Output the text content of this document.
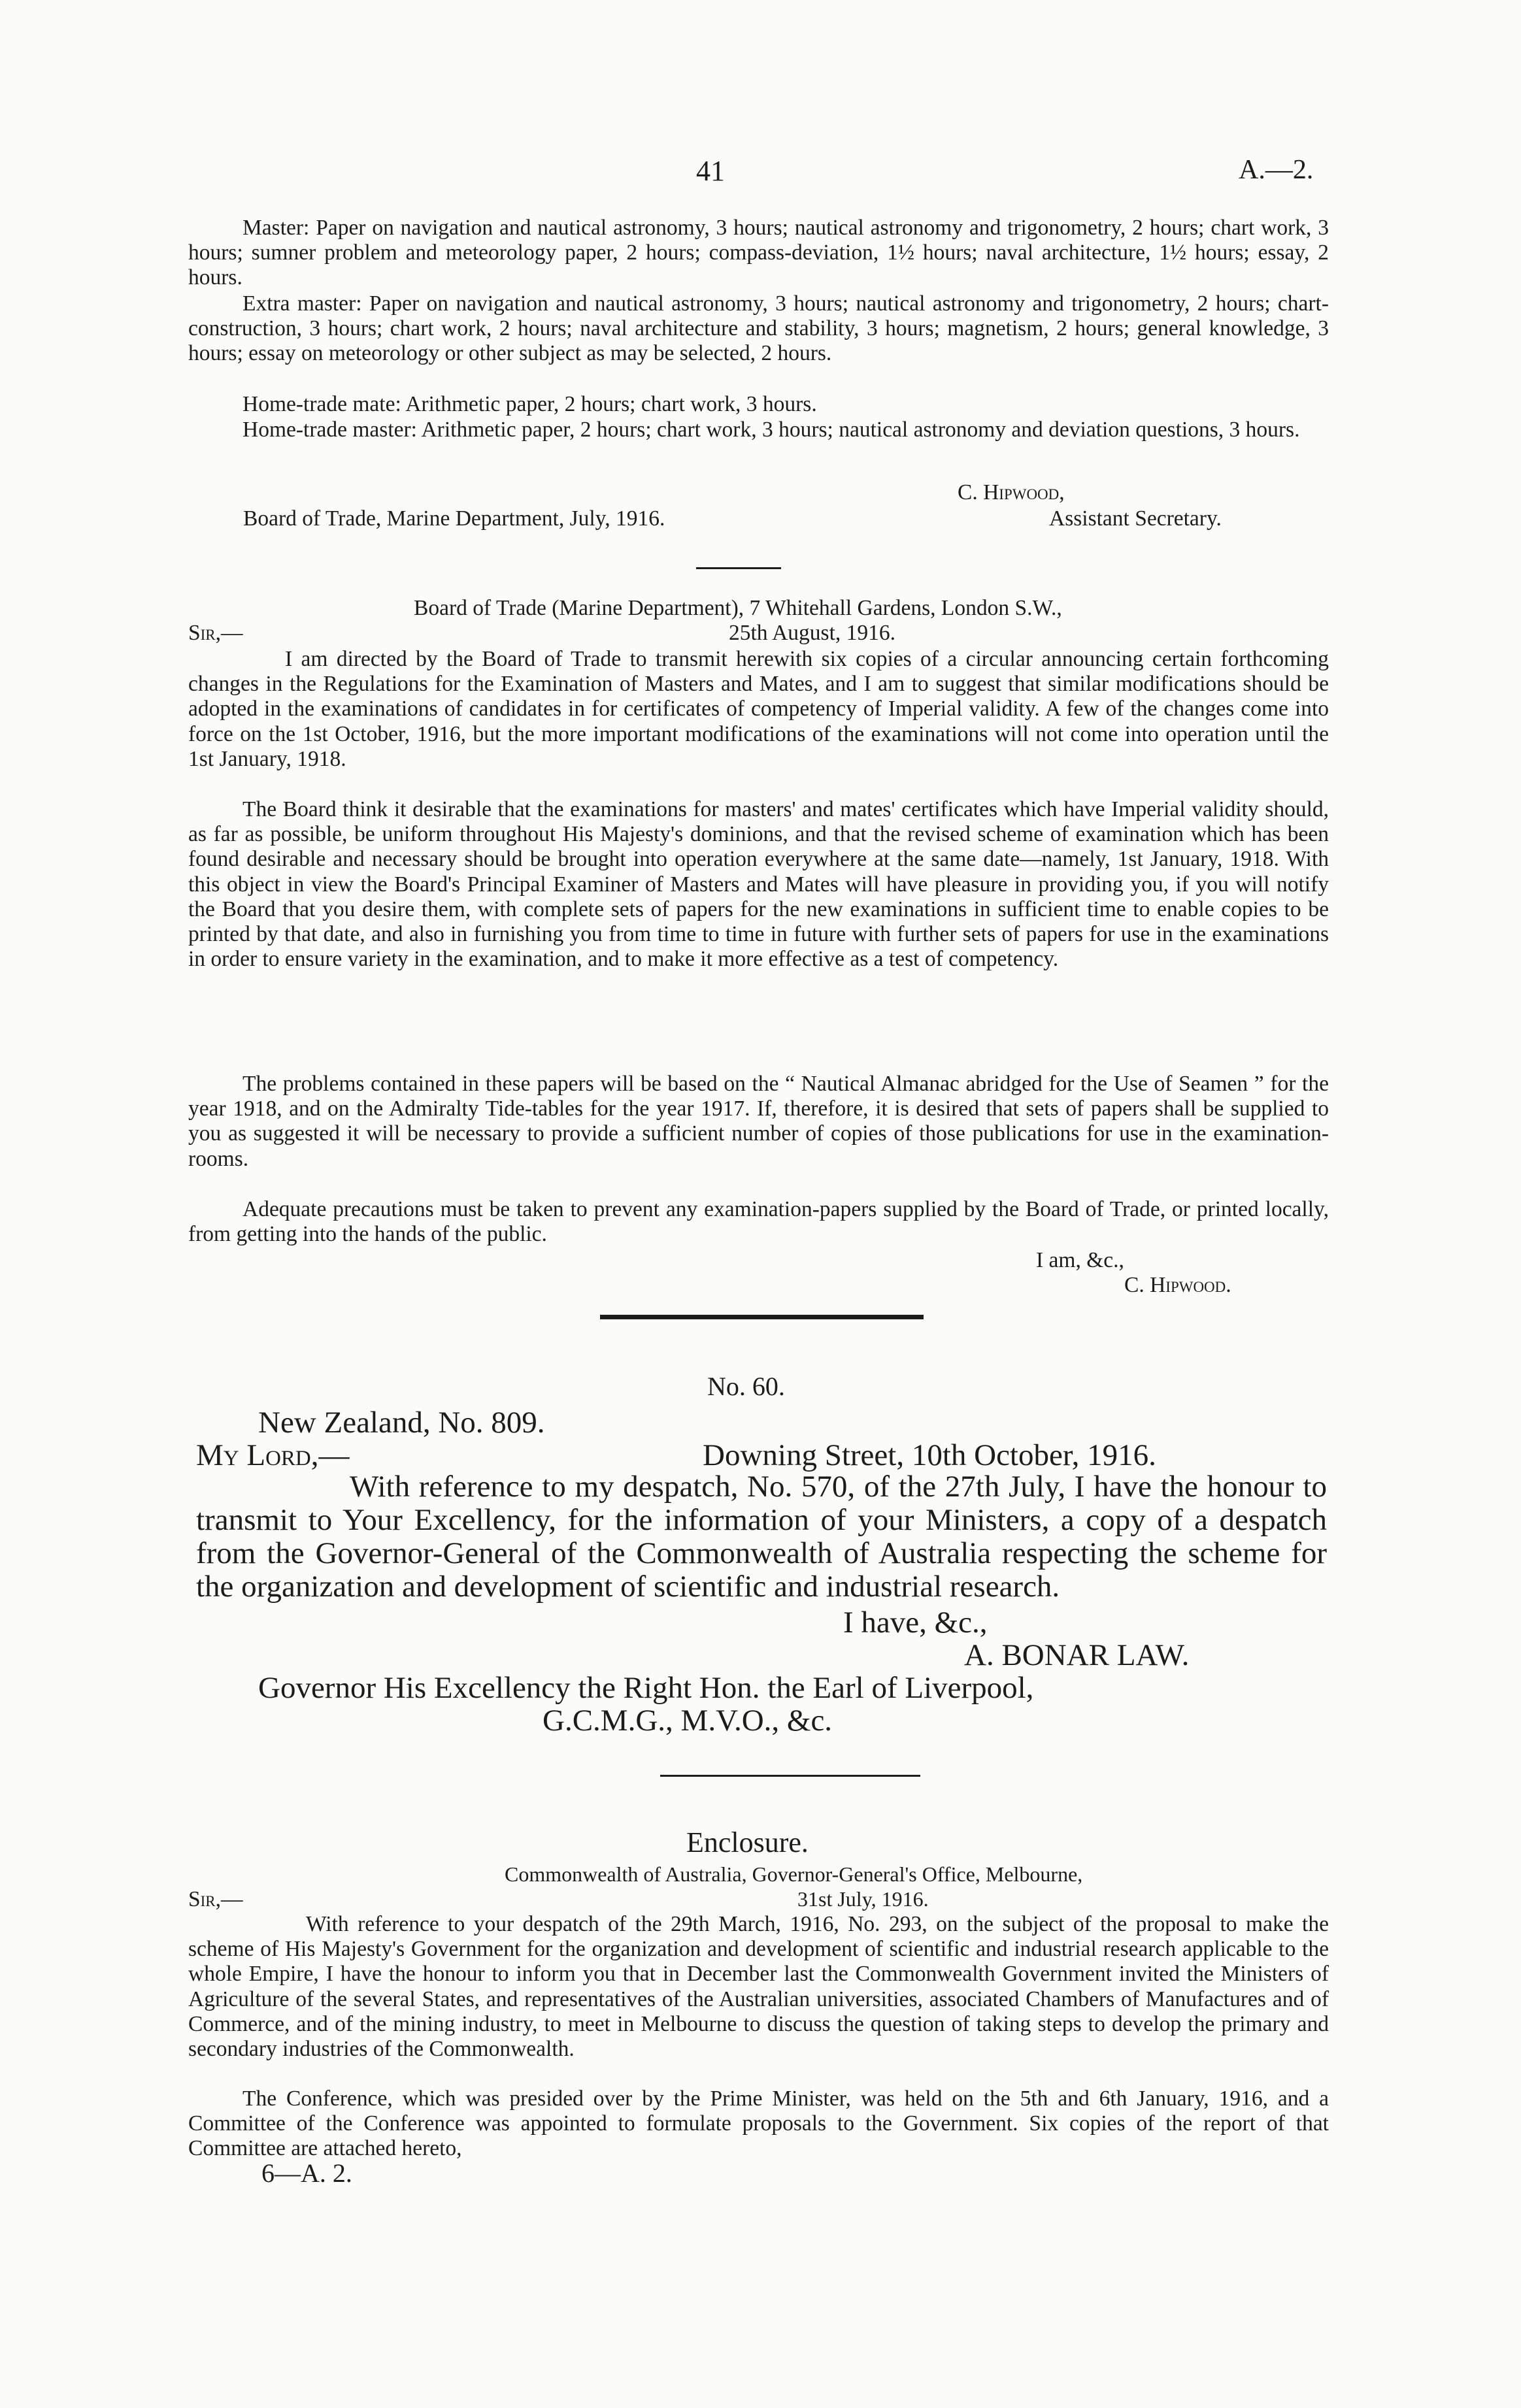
41	A.—2.
Master: Paper on navigation and nautical astronomy, 3 hours; nautical astronomy and trigonometry, 2 hours; chart work, 3 hours; sumner problem and meteorology paper, 2 hours; compass-deviation, 1½ hours; naval architecture, 1½ hours; essay, 2 hours.
Extra master: Paper on navigation and nautical astronomy, 3 hours; nautical astronomy and trigonometry, 2 hours; chart-construction, 3 hours; chart work, 2 hours; naval architecture and stability, 3 hours; magnetism, 2 hours; general knowledge, 3 hours; essay on meteorology or other subject as may be selected, 2 hours.
Home-trade mate: Arithmetic paper, 2 hours; chart work, 3 hours.
Home-trade master: Arithmetic paper, 2 hours; chart work, 3 hours; nautical astronomy and deviation questions, 3 hours.
C. Hipwood,
Board of Trade, Marine Department, July, 1916.	Assistant Secretary.
Board of Trade (Marine Department), 7 Whitehall Gardens, London S.W.,
Sir,—	25th August, 1916.
I am directed by the Board of Trade to transmit herewith six copies of a circular announcing certain forthcoming changes in the Regulations for the Examination of Masters and Mates, and I am to suggest that similar modifications should be adopted in the examinations of candidates in for certificates of competency of Imperial validity. A few of the changes come into force on the 1st October, 1916, but the more important modifications of the examinations will not come into operation until the 1st January, 1918.
The Board think it desirable that the examinations for masters' and mates' certificates which have Imperial validity should, as far as possible, be uniform throughout His Majesty's dominions, and that the revised scheme of examination which has been found desirable and necessary should be brought into operation everywhere at the same date—namely, 1st January, 1918. With this object in view the Board's Principal Examiner of Masters and Mates will have pleasure in providing you, if you will notify the Board that you desire them, with complete sets of papers for the new examinations in sufficient time to enable copies to be printed by that date, and also in furnishing you from time to time in future with further sets of papers for use in the examinations in order to ensure variety in the examination, and to make it more effective as a test of competency.
The problems contained in these papers will be based on the “ Nautical Almanac abridged for the Use of Seamen ” for the year 1918, and on the Admiralty Tide-tables for the year 1917. If, therefore, it is desired that sets of papers shall be supplied to you as suggested it will be necessary to provide a sufficient number of copies of those publications for use in the examination-rooms.
Adequate precautions must be taken to prevent any examination-papers supplied by the Board of Trade, or printed locally, from getting into the hands of the public.
I am, &c.,
C. Hipwood.
No. 60.
New Zealand, No. 809.
My Lord,—	Downing Street, 10th October, 1916.
With reference to my despatch, No. 570, of the 27th July, I have the honour to transmit to Your Excellency, for the information of your Ministers, a copy of a despatch from the Governor-General of the Commonwealth of Australia respecting the scheme for the organization and development of scientific and industrial research.
I have, &c.,
A. BONAR LAW.
Governor His Excellency the Right Hon. the Earl of Liverpool,
G.C.M.G., M.V.O., &c.
Enclosure.
Commonwealth of Australia, Governor-General's Office, Melbourne,
Sir,—	31st July, 1916.
With reference to your despatch of the 29th March, 1916, No. 293, on the subject of the proposal to make the scheme of His Majesty's Government for the organization and development of scientific and industrial research applicable to the whole Empire, I have the honour to inform you that in December last the Commonwealth Government invited the Ministers of Agriculture of the several States, and representatives of the Australian universities, associated Chambers of Manufactures and of Commerce, and of the mining industry, to meet in Melbourne to discuss the question of taking steps to develop the primary and secondary industries of the Commonwealth.
The Conference, which was presided over by the Prime Minister, was held on the 5th and 6th January, 1916, and a Committee of the Conference was appointed to formulate proposals to the Government. Six copies of the report of that Committee are attached hereto,
6—A. 2.
